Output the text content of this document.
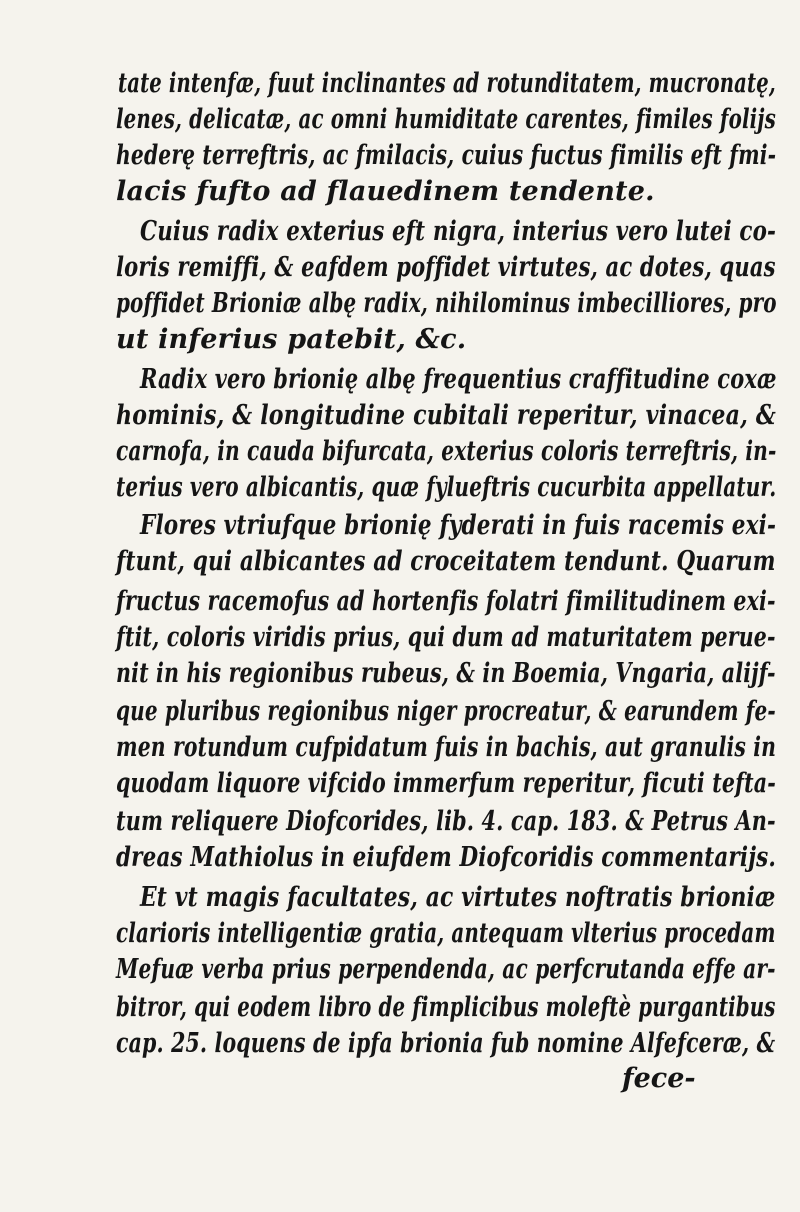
tate intenfæ, fuut inclinantes ad rotunditatem, mucronatę,
lenes, delicatæ, ac omni humiditate carentes, fimiles folijs
hederę terreftris, ac fmilacis, cuius fuctus fimilis eft fmi-
lacis fufto ad flauedinem tendente.
Cuius radix exterius eft nigra, interius vero lutei co-
loris remiffi, & eafdem poffidet virtutes, ac dotes, quas
poffidet Brioniæ albę radix, nihilominus imbecilliores, pro
ut inferius patebit, &c.
Radix vero brionię albę frequentius craffitudine coxæ
hominis, & longitudine cubitali reperitur, vinacea, &
carnofa, in cauda bifurcata, exterius coloris terreftris, in-
terius vero albicantis, quæ fylueftris cucurbita appellatur.
Flores vtriufque brionię fyderati in fuis racemis exi-
ftunt, qui albicantes ad croceitatem tendunt. Quarum
fructus racemofus ad hortenfis folatri fimilitudinem exi-
ftit, coloris viridis prius, qui dum ad maturitatem perue-
nit in his regionibus rubeus, & in Boemia, Vngaria, alijf-
que pluribus regionibus niger procreatur, & earundem fe-
men rotundum cufpidatum fuis in bachis, aut granulis in
quodam liquore vifcido immerfum reperitur, ficuti tefta-
tum reliquere Diofcorides, lib. 4. cap. 183. & Petrus An-
dreas Mathiolus in eiufdem Diofcoridis commentarijs.
Et vt magis facultates, ac virtutes noftratis brioniæ
clarioris intelligentiæ gratia, antequam vlterius procedam
Mefuæ verba prius perpendenda, ac perfcrutanda effe ar-
bitror, qui eodem libro de fimplicibus moleftè purgantibus
cap. 25. loquens de ipfa brionia fub nomine Alfefceræ, &
fece-
